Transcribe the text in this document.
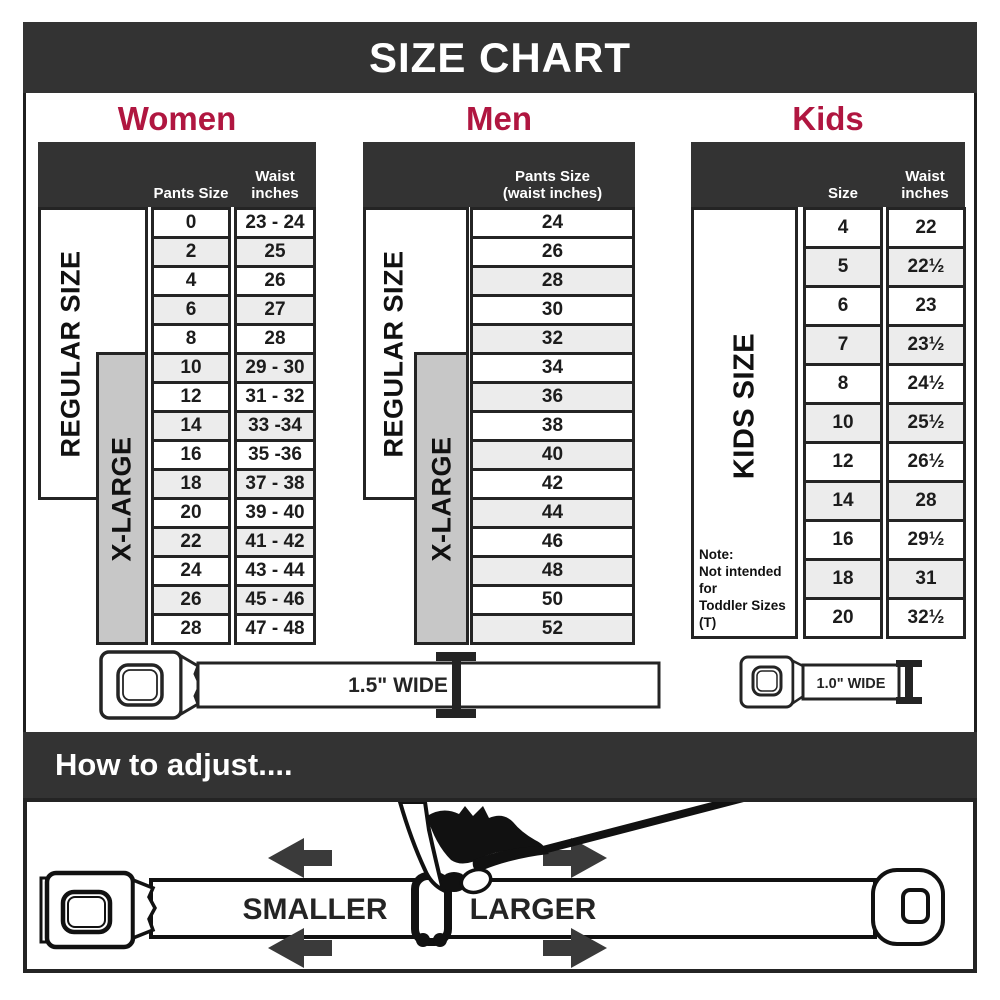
SIZE CHART
Women	Men	Kids
Pants Size
Waist
inches
REGULAR SIZE
X-LARGE
0	23 - 24
2	25
4	26
6	27
8	28
10	29 - 30
12	31 - 32
14	33 -34
16	35 -36
18	37 - 38
20	39 - 40
22	41 - 42
24	43 - 44
26	45 - 46
28	47 - 48
Pants Size
(waist inches)
REGULAR SIZE
X-LARGE
24
26
28
30
32
34
36
38
40
42
44
46
48
50
52
Size
Waist
inches
KIDS SIZE
Note:
Not intended for
Toddler Sizes (T)
4	22
5	22½
6	23
7	23½
8	24½
10	25½
12	26½
14	28
16	29½
18	31
20	32½
1.5" WIDE	1.0" WIDE
How to adjust....
SMALLER	LARGER
